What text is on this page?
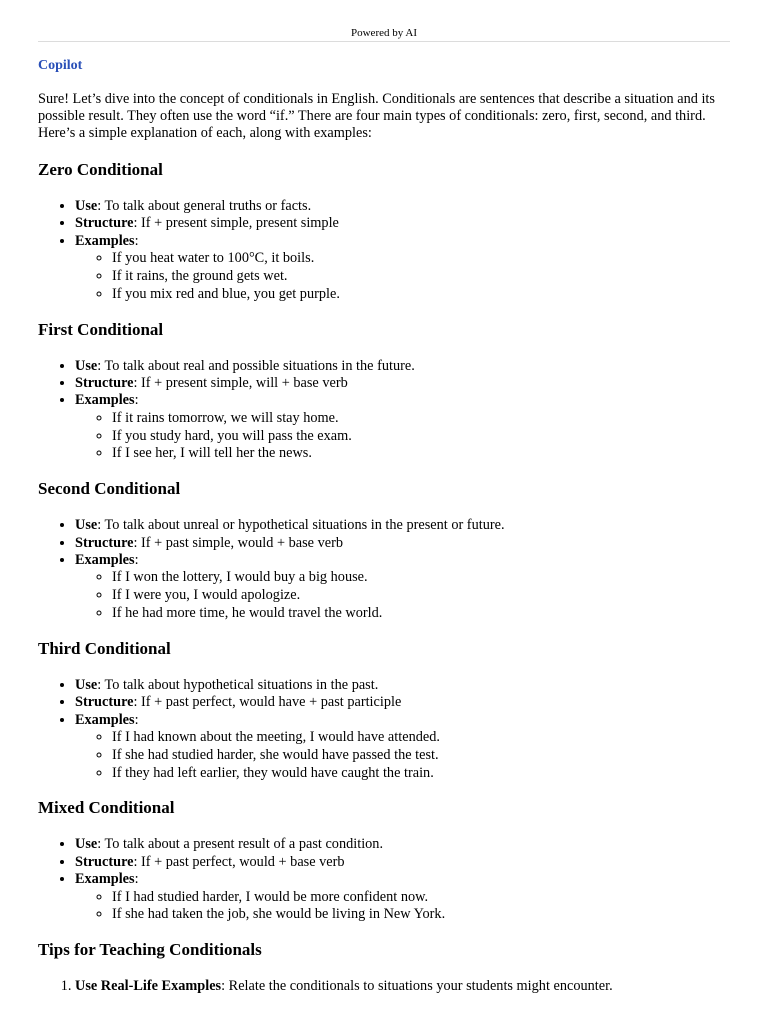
Powered by AI
Copilot

Sure! Let’s dive into the concept of conditionals in English. Conditionals are sentences that describe a situation and its possible result. They often use the word “if.” There are four main types of conditionals: zero, first, second, and third. Here’s a simple explanation of each, along with examples:

Zero Conditional
• Use: To talk about general truths or facts.
• Structure: If + present simple, present simple
• Examples:
◦ If you heat water to 100°C, it boils.
◦ If it rains, the ground gets wet.
◦ If you mix red and blue, you get purple.
First Conditional
• Use: To talk about real and possible situations in the future.
• Structure: If + present simple, will + base verb
• Examples:
◦ If it rains tomorrow, we will stay home.
◦ If you study hard, you will pass the exam.
◦ If I see her, I will tell her the news.
Second Conditional
• Use: To talk about unreal or hypothetical situations in the present or future.
• Structure: If + past simple, would + base verb
• Examples:
◦ If I won the lottery, I would buy a big house.
◦ If I were you, I would apologize.
◦ If he had more time, he would travel the world.
Third Conditional
• Use: To talk about hypothetical situations in the past.
• Structure: If + past perfect, would have + past participle
• Examples:
◦ If I had known about the meeting, I would have attended.
◦ If she had studied harder, she would have passed the test.
◦ If they had left earlier, they would have caught the train.
Mixed Conditional
• Use: To talk about a present result of a past condition.
• Structure: If + past perfect, would + base verb
• Examples:
◦ If I had studied harder, I would be more confident now.
◦ If she had taken the job, she would be living in New York.
Tips for Teaching Conditionals
1. Use Real-Life Examples: Relate the conditionals to situations your students might encounter.
